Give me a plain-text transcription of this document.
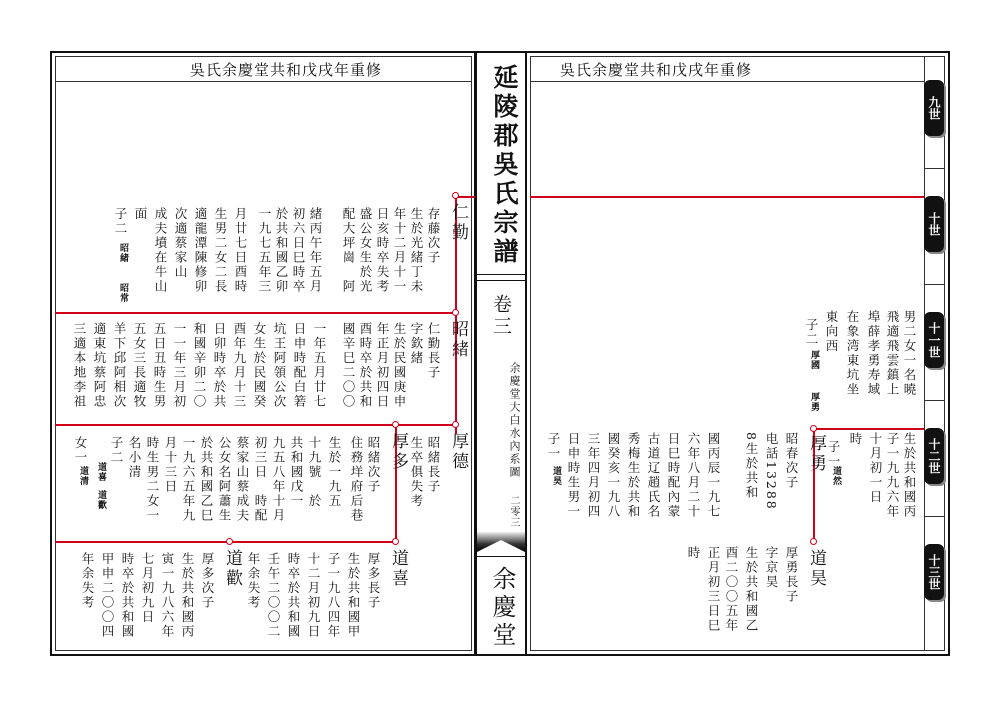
吳氏余慶堂共和戊戌年重修	延陵郡吳氏宗譜
卷三
余慶堂大白水內系圖
二零三
余慶堂
吳氏余慶堂共和戊戌年重修
九世
十世
十一世
十二世
十三世
仁勤
存藤次子
生於光緒丁未
年十二月十一
日亥時卒失考
盛公女生於光
配大坪崗　阿
緒丙午年五月
初六日巳時卒
於共和國乙卯
一九七五年三
月廿七日酉時
生男二女二長
適龍潭陳修卯
次適蔡家山
成夫墳在牛山
面
子二
昭緒
昭常
昭緒
仁勤長子
字欽緒
生於民國庚申
年正月初四日
酉時卒於共和
國辛巳二〇〇
一年五月廿七
日申時配白箬
坑王阿領公次
女生於民國癸
酉年九月十三
日卯時卒於共
和國辛卯二〇
一一年三月初
五日丑時生男
五女三長適牧
羊下邱阿相次
適東坑蔡阿忠
三適本地李祖
厚德
昭緒長子
生卒俱失考
厚多
昭緒次子
住務垟府后巷
生於一九五
十九號　於
共和國戊一
九五八年十月
初三日　時配
蔡家山蔡成夫
公女名阿蕭生
於共和國乙巳
一九六五年九
月十三日
時生男二女一
名小清
子二
道喜
道歡
女一
道清
道喜
厚多長子
生於共和國甲
子一九八四年
十二月初九日
時卒於共和國
壬午二〇〇二
年余失考
道歡
厚多次子
生於共和國丙
寅一九八六年
七月初九日
時卒於共和國
甲申二〇〇四
年余失考
生於共和國丙
子一九九六年
十月初一日
時
男二女一名曉
飛適飛雲鎮上
埠薛孝勇寿域
在象湾東坑坐
東向西
子二
厚國
厚勇
子一
道然
厚勇
昭春次子
电話13288
8生於共和
國丙辰一九七
六年八月二十
日巳時配內蒙
古道辽趙氏名
秀梅生於共和
國癸亥一九八
三年四月初四
日申時生男一
子一
道昊
道昊
厚勇長子
字京昊
生於共和國乙
酉二〇〇五年
正月初三日巳
時
